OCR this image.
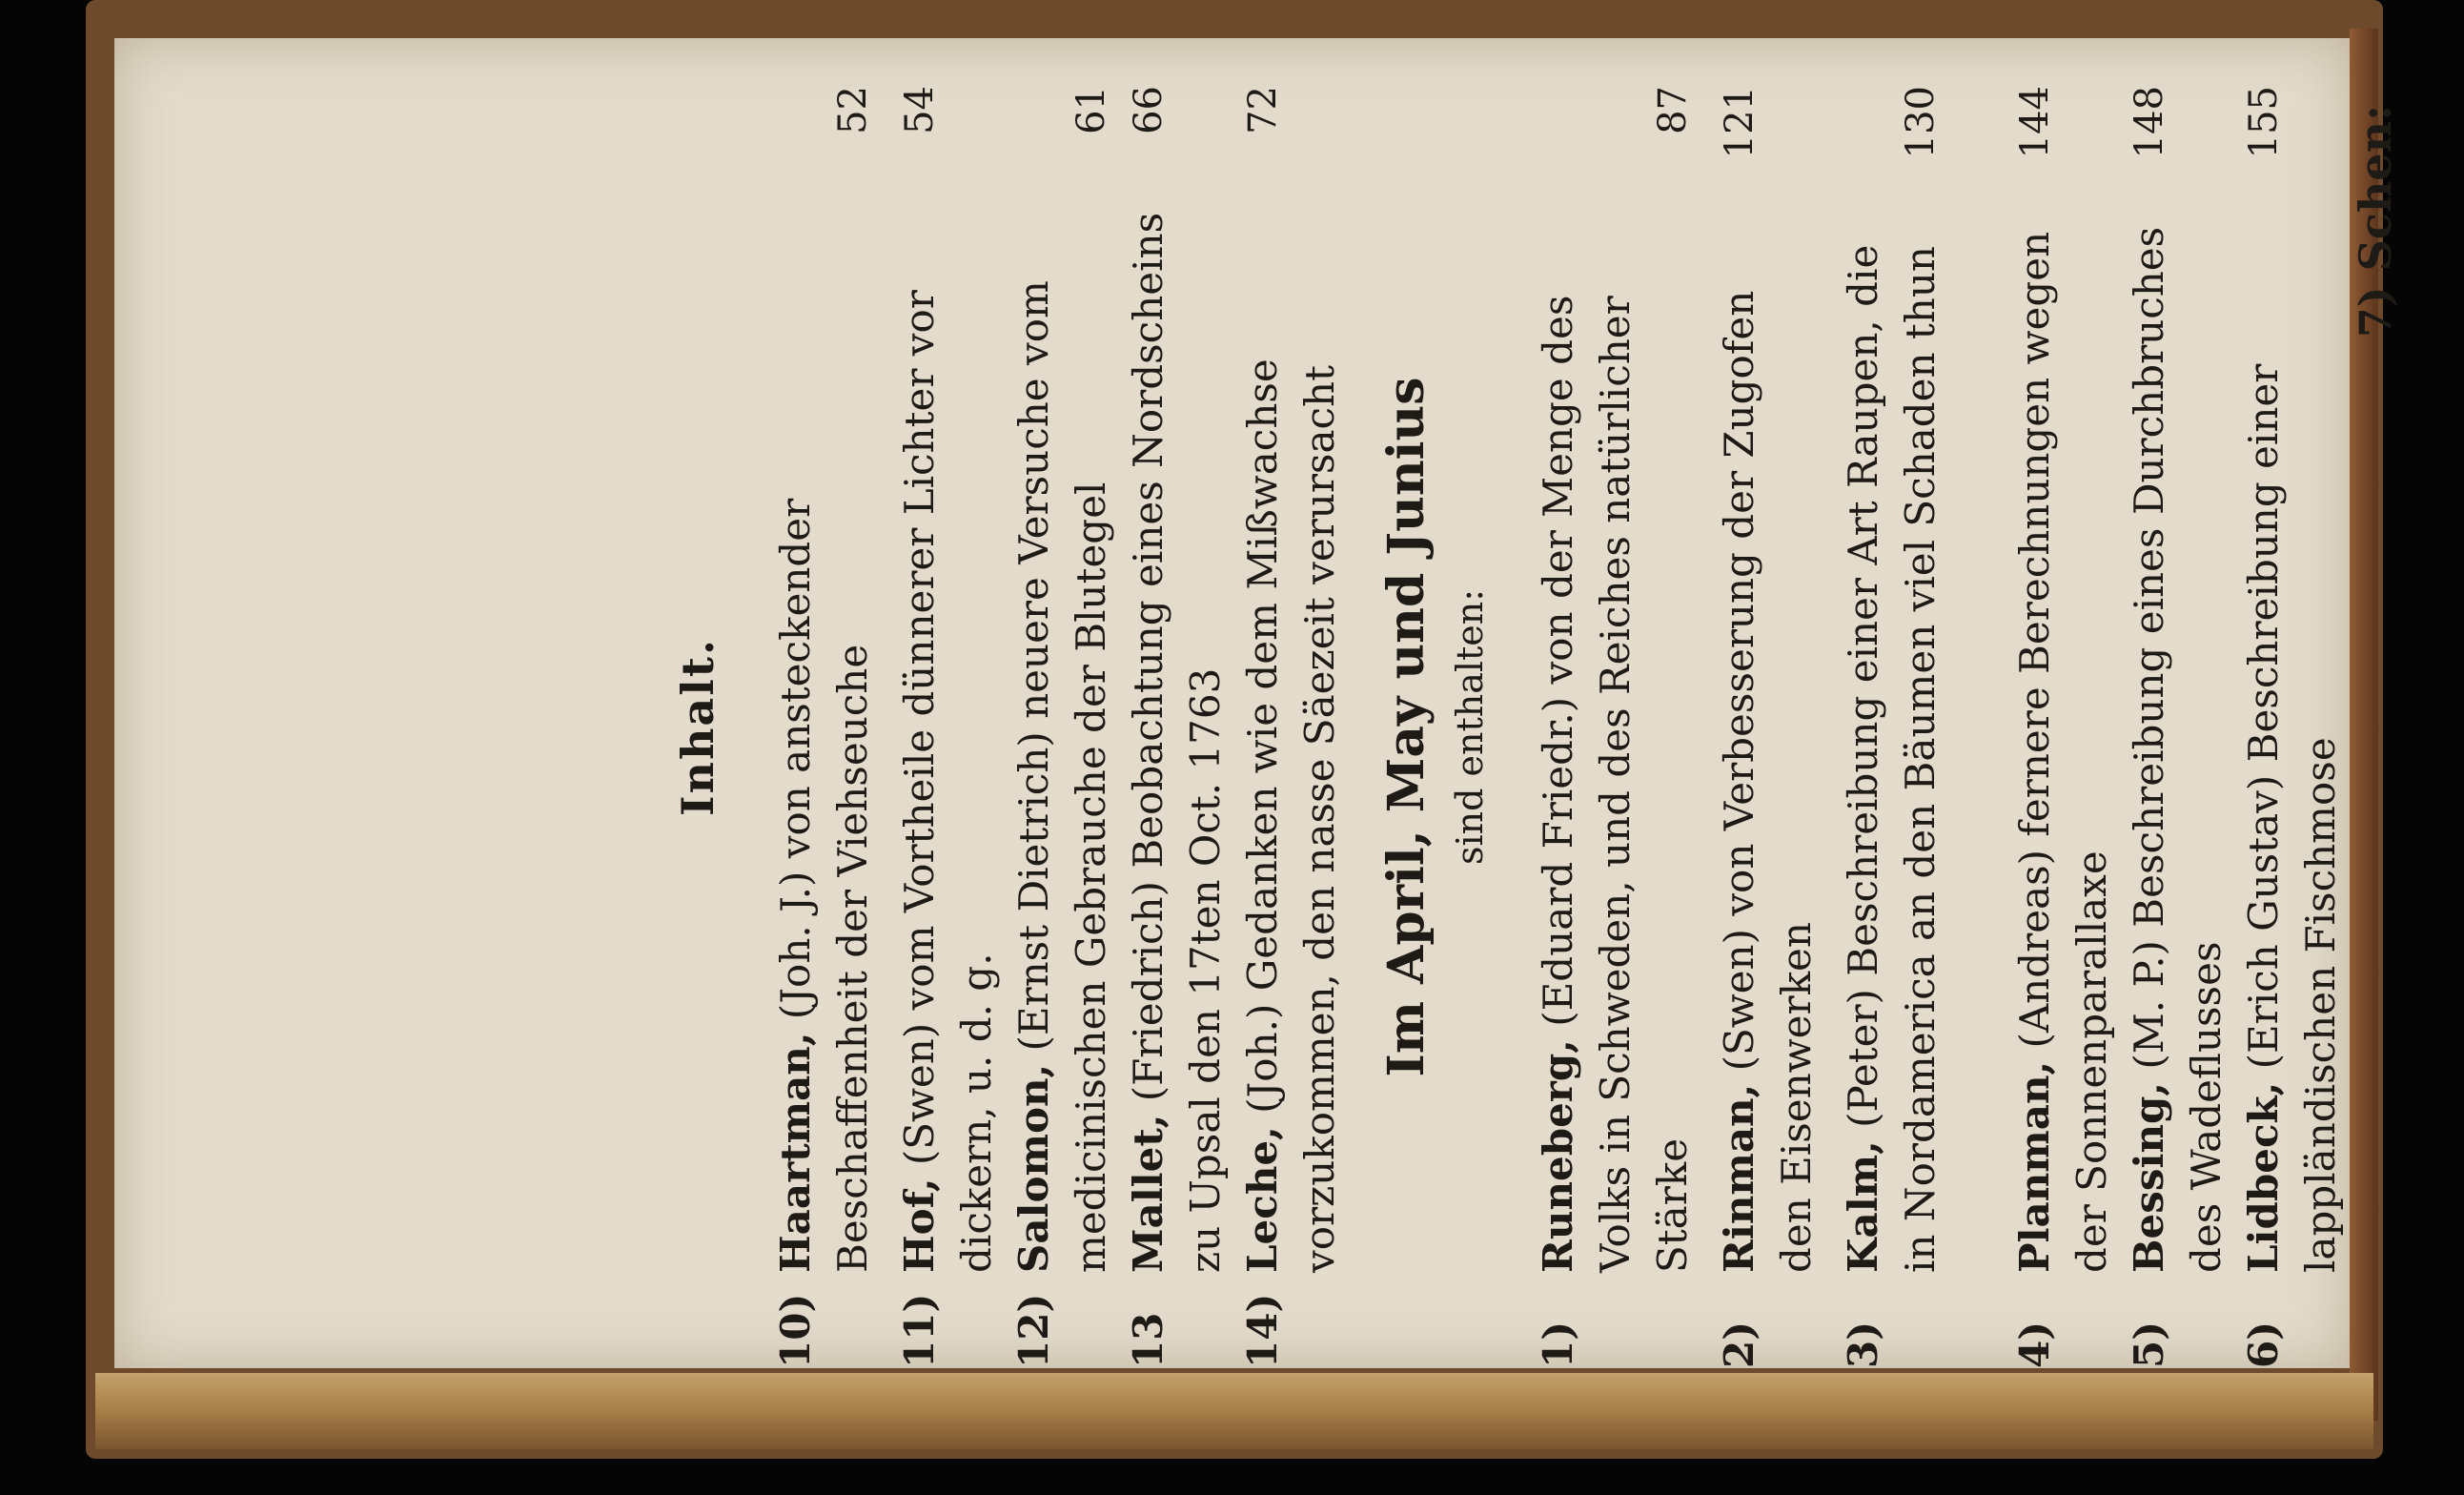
Inhalt.
10)
Haartman, (Joh. J.) von ansteckender Beschaffenheit der Viehseuche
52
11)
Hof, (Swen) vom Vortheile dünnerer Lichter vor dickern, u. d. g.
54
12)
Salomon, (Ernst Dietrich) neuere Versuche vom medicinischen Gebrauche der Blutegel
61
13
Mallet, (Friedrich) Beobachtung eines Nordscheins zu Upsal den 17ten Oct. 1763
66
14)
Leche, (Joh.) Gedanken wie dem Mißwachse vorzukommen, den nasse Säezeit verursacht
72
Im April, May und Junius sind enthalten:
1)
Runeberg, (Eduard Friedr.) von der Menge des Volks in Schweden, und des Reiches natürlicher Stärke
87
2)
Rinman, (Swen) von Verbesserung der Zugofen den Eisenwerken
121
3)
Kalm, (Peter) Beschreibung einer Art Raupen, die in Nordamerica an den Bäumen viel Schaden thun
130
4)
Planman, (Andreas) fernere Berechnungen wegen der Sonnenparallaxe
144
5)
Bessing, (M. P.) Beschreibung eines Durchbruches des Wadeflusses
148
6)
Lidbeck, (Erich Gustav) Beschreibung einer lappländischen Fischmose
155 7) Schen:
